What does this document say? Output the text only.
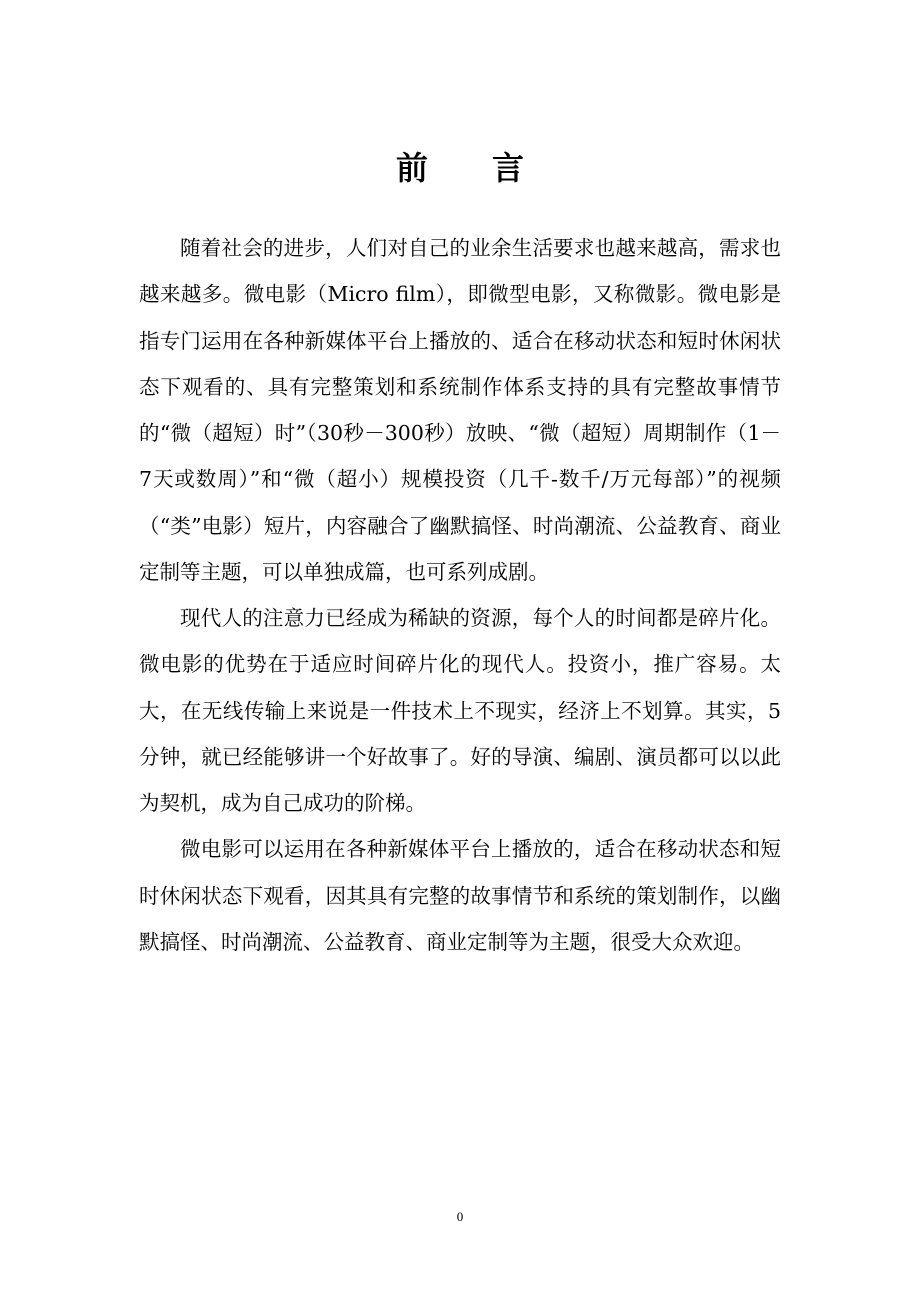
前言

随着社会的进步，人们对自己的业余生活要求也越来越高，需求也越来越多。微电影（Micro film），即微型电影，又称微影。微电影是指专门运用在各种新媒体平台上播放的、适合在移动状态和短时休闲状态下观看的、具有完整策划和系统制作体系支持的具有完整故事情节的“微（超短）时”（30秒－300秒）放映、“微（超短）周期制作（1－7天或数周）”和“微（超小）规模投资（几千-数千/万元每部）”的视频（“类”电影）短片，内容融合了幽默搞怪、时尚潮流、公益教育、商业定制等主题，可以单独成篇，也可系列成剧。

现代人的注意力已经成为稀缺的资源，每个人的时间都是碎片化。微电影的优势在于适应时间碎片化的现代人。投资小，推广容易。太大，在无线传输上来说是一件技术上不现实，经济上不划算。其实，5分钟，就已经能够讲一个好故事了。好的导演、编剧、演员都可以以此为契机，成为自己成功的阶梯。

微电影可以运用在各种新媒体平台上播放的，适合在移动状态和短时休闲状态下观看，因其具有完整的故事情节和系统的策划制作，以幽默搞怪、时尚潮流、公益教育、商业定制等为主题，很受大众欢迎。

0
